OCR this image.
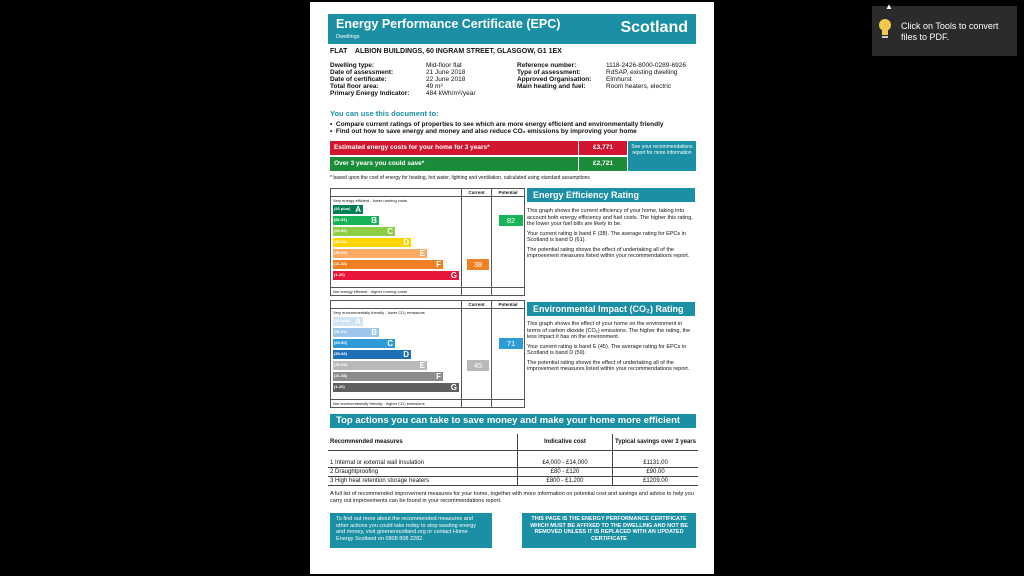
Energy Performance Certificate (EPC)
Dwellings
Scotland
FLAT ALBION BUILDINGS, 60 INGRAM STREET, GLASGOW, G1 1EX
Dwelling type:	Mid-floor flat
Date of assessment:	21 June 2018
Date of certificate:	22 June 2018
Total floor area:	49 m²
Primary Energy Indicator:	484 kWh/m²/year
Reference number:	1118-2426-8000-0289-6926
Type of assessment:	RdSAP, existing dwelling
Approved Organisation: Elmhurst
Main heating and fuel:	Room heaters, electric
You can use this document to:
•  Compare current ratings of properties to see which are more energy efficient and environmentally friendly
•  Find out how to save energy and money and also reduce CO₂ emissions by improving your home
Estimated energy costs for your home for 3 years*	£3,771
Over 3 years you could save*	£2,721
See your recommendations report for more information
* based upon the cost of energy for heating, hot water, lighting and ventilation, calculated using standard assumptions
Current	Potential
Very energy efficient - lower running costs
Not energy efficient - higher running costs
(92 plus) A
(81-91)	B
(69-80)	C
(55-68)	D
(39-54)	E
(21-38)	F
(1-20)	G
38
82
Energy Efficiency Rating
This graph shows the current efficiency of your home, taking into account both energy efficiency and fuel costs. The higher this rating, the lower your fuel bills are likely to be.
Your current rating is band F (38). The average rating for EPCs in Scotland is band D (61).
The potential rating shows the effect of undertaking all of the improvement measures listed within your recommendations report.
Current	Potential
Very environmentally friendly - lower CO₂ emissions
Not environmentally friendly - higher CO₂ emissions
(92 plus) A
(81-91)	B
(69-80)	C
(55-68)	D
(39-54)	E
(21-38)	F
(1-20)	G
45
71
Environmental Impact (CO₂) Rating
This graph shows the effect of your home on the environment in terms of carbon dioxide (CO₂) emissions. The higher the rating, the less impact it has on the environment.
Your current rating is band E (45). The average rating for EPCs in Scotland is band D (59).
The potential rating shows the effect of undertaking all of the improvement measures listed within your recommendations report.
Top actions you can take to save money and make your home more efficient
Recommended measures	Indicative cost	Typical savings over 3 years

1 Internal or external wall insulation	£4,000 - £14,000	£1131.00
2 Draughtproofing	£80 - £120	£90.00
3 High heat retention storage heaters	£800 - £1,200	£1209.00
A full list of recommended improvement measures for your home, together with more information on potential cost and savings and advice to help you carry out improvements can be found in your recommendations report.
To find out more about the recommended measures and other actions you could take today to stop wasting energy and money, visit greenerscotland.org or contact Home Energy Scotland on 0808 808 2282.
THIS PAGE IS THE ENERGY PERFORMANCE CERTIFICATE WHICH MUST BE AFFIXED TO THE DWELLING AND NOT BE REMOVED UNLESS IT IS REPLACED WITH AN UPDATED CERTIFICATE
▲
Click on Tools to convert files to PDF.
